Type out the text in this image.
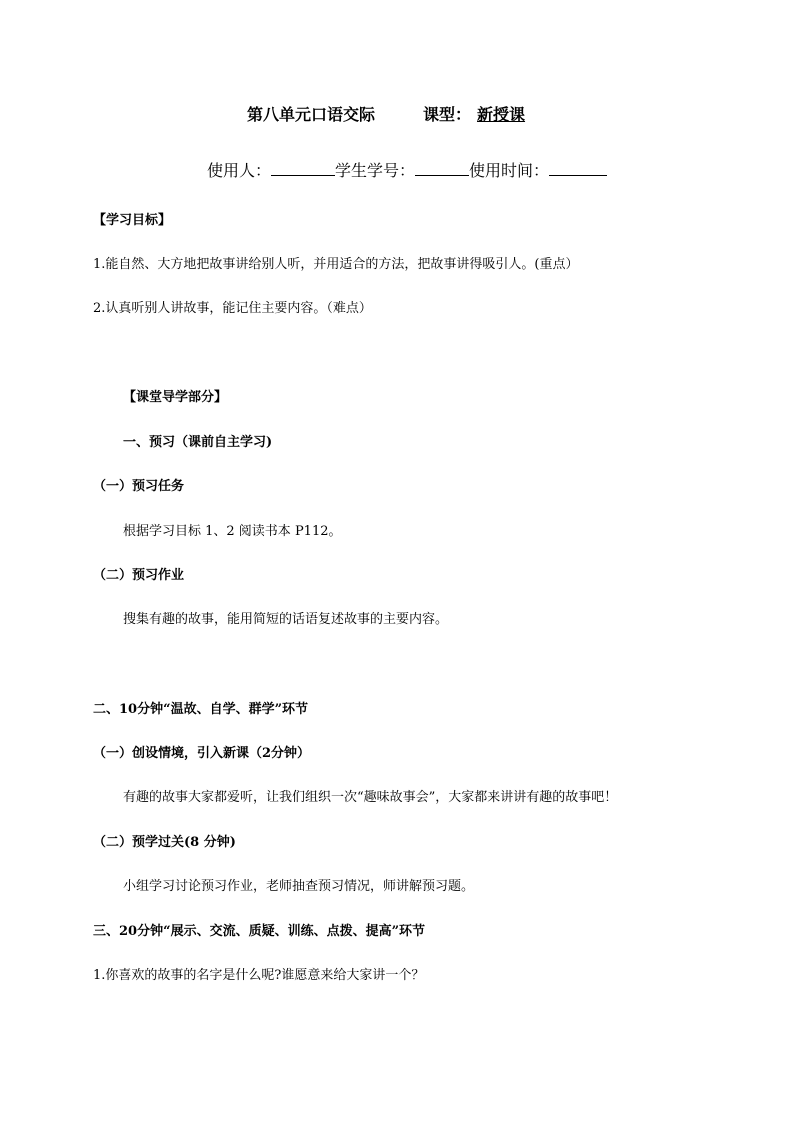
第八单元口语交际	课型： 新授课
使用人：	学生学号：	使用时间：
【学习目标】
1.能自然、大方地把故事讲给别人听，并用适合的方法，把故事讲得吸引人。(重点）
2.认真听别人讲故事，能记住主要内容。（难点）
【课堂导学部分】
一、预习（课前自主学习)
（一）预习任务
根据学习目标 1、2 阅读书本 P112。
（二）预习作业
搜集有趣的故事，能用简短的话语复述故事的主要内容。
二、10分钟“温故、自学、群学”环节
（一）创设情境，引入新课（2分钟）
有趣的故事大家都爱听，让我们组织一次“趣味故事会”，大家都来讲讲有趣的故事吧！
（二）预学过关(8 分钟)
小组学习讨论预习作业，老师抽查预习情况，师讲解预习题。
三、20分钟“展示、交流、质疑、训练、点拨、提高”环节
1.你喜欢的故事的名字是什么呢?谁愿意来给大家讲一个？
